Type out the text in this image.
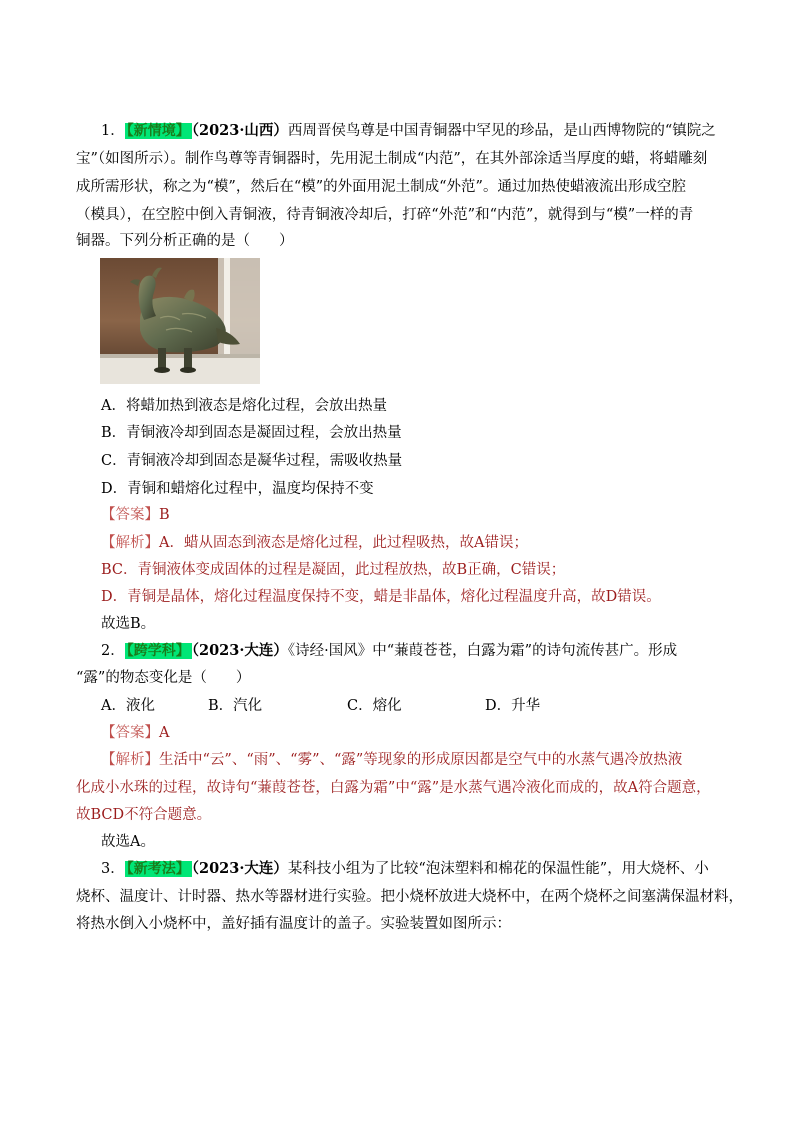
1． 【新情境】 （2023·山西）西周晋侯鸟尊是中国青铜器中罕见的珍品，是山西博物院的“镇院之
宝”（如图所示）。制作鸟尊等青铜器时，先用泥土制成“内范”，在其外部涂适当厚度的蜡，将蜡雕刻
成所需形状，称之为“模”，然后在“模”的外面用泥土制成“外范”。通过加热使蜡液流出形成空腔
（模具），在空腔中倒入青铜液，待青铜液冷却后，打碎“外范”和“内范”，就得到与“模”一样的青
铜器。下列分析正确的是（　　）
A．将蜡加热到液态是熔化过程，会放出热量
B．青铜液冷却到固态是凝固过程，会放出热量
C．青铜液冷却到固态是凝华过程，需吸收热量
D．青铜和蜡熔化过程中，温度均保持不变
【答案】B
【解析】A．蜡从固态到液态是熔化过程，此过程吸热，故A错误；
BC．青铜液体变成固体的过程是凝固，此过程放热，故B正确，C错误；
D．青铜是晶体，熔化过程温度保持不变，蜡是非晶体，熔化过程温度升高，故D错误。
故选B。
2． 【跨学科】 （2023·大连）《诗经·国风》中“蒹葭苍苍，白露为霜”的诗句流传甚广。形成
“露”的物态变化是（　　）
A．液化	B．汽化	C．熔化	D．升华
【答案】A
【解析】生活中“云”、“雨”、“雾”、“露”等现象的形成原因都是空气中的水蒸气遇冷放热液
化成小水珠的过程，故诗句“蒹葭苍苍，白露为霜”中“露”是水蒸气遇冷液化而成的，故A符合题意，
故BCD不符合题意。
故选A。
3． 【新考法】 （2023·大连）某科技小组为了比较“泡沫塑料和棉花的保温性能”，用大烧杯、小
烧杯、温度计、计时器、热水等器材进行实验。把小烧杯放进大烧杯中，在两个烧杯之间塞满保温材料，
将热水倒入小烧杯中，盖好插有温度计的盖子。实验装置如图所示：
